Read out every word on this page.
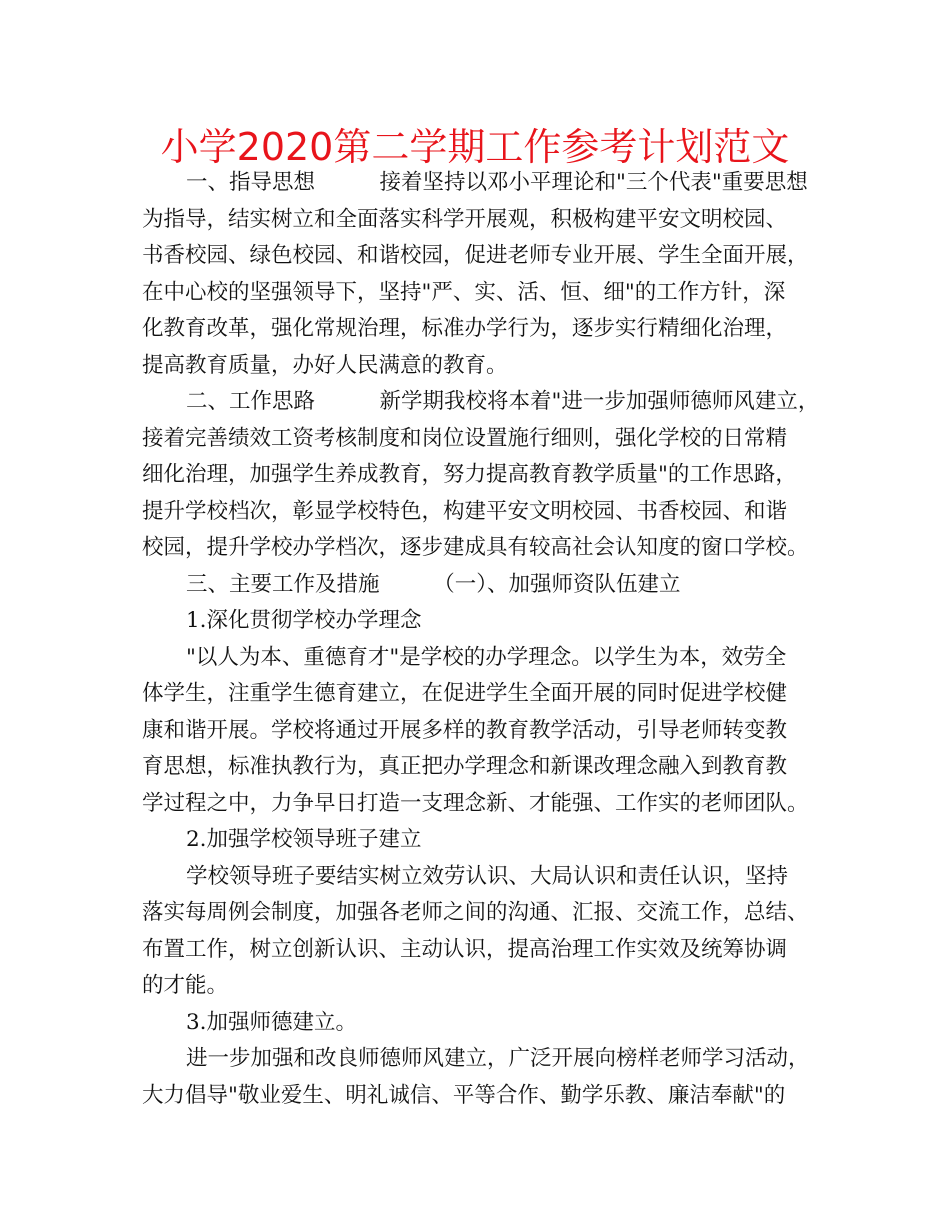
小学2020第二学期工作参考计划范文
一、指导思想　　　接着坚持以邓小平理论和"三个代表"重要思想
为指导，结实树立和全面落实科学开展观，积极构建平安文明校园、
书香校园、绿色校园、和谐校园，促进老师专业开展、学生全面开展，
在中心校的坚强领导下，坚持"严、实、活、恒、细"的工作方针，深
化教育改革，强化常规治理，标准办学行为，逐步实行精细化治理，
提高教育质量，办好人民满意的教育。
二、工作思路　　　新学期我校将本着"进一步加强师德师风建立，
接着完善绩效工资考核制度和岗位设置施行细则，强化学校的日常精
细化治理，加强学生养成教育，努力提高教育教学质量"的工作思路，
提升学校档次，彰显学校特色，构建平安文明校园、书香校园、和谐
校园，提升学校办学档次，逐步建成具有较高社会认知度的窗口学校。
三、主要工作及措施　　　（一）、加强师资队伍建立
1.深化贯彻学校办学理念
"以人为本、重德育才"是学校的办学理念。以学生为本，效劳全
体学生，注重学生德育建立，在促进学生全面开展的同时促进学校健
康和谐开展。学校将通过开展多样的教育教学活动，引导老师转变教
育思想，标准执教行为，真正把办学理念和新课改理念融入到教育教
学过程之中，力争早日打造一支理念新、才能强、工作实的老师团队。
2.加强学校领导班子建立
学校领导班子要结实树立效劳认识、大局认识和责任认识，坚持
落实每周例会制度，加强各老师之间的沟通、汇报、交流工作，总结、
布置工作，树立创新认识、主动认识，提高治理工作实效及统筹协调
的才能。
3.加强师德建立。
进一步加强和改良师德师风建立，广泛开展向榜样老师学习活动，
大力倡导"敬业爱生、明礼诚信、平等合作、勤学乐教、廉洁奉献"的
